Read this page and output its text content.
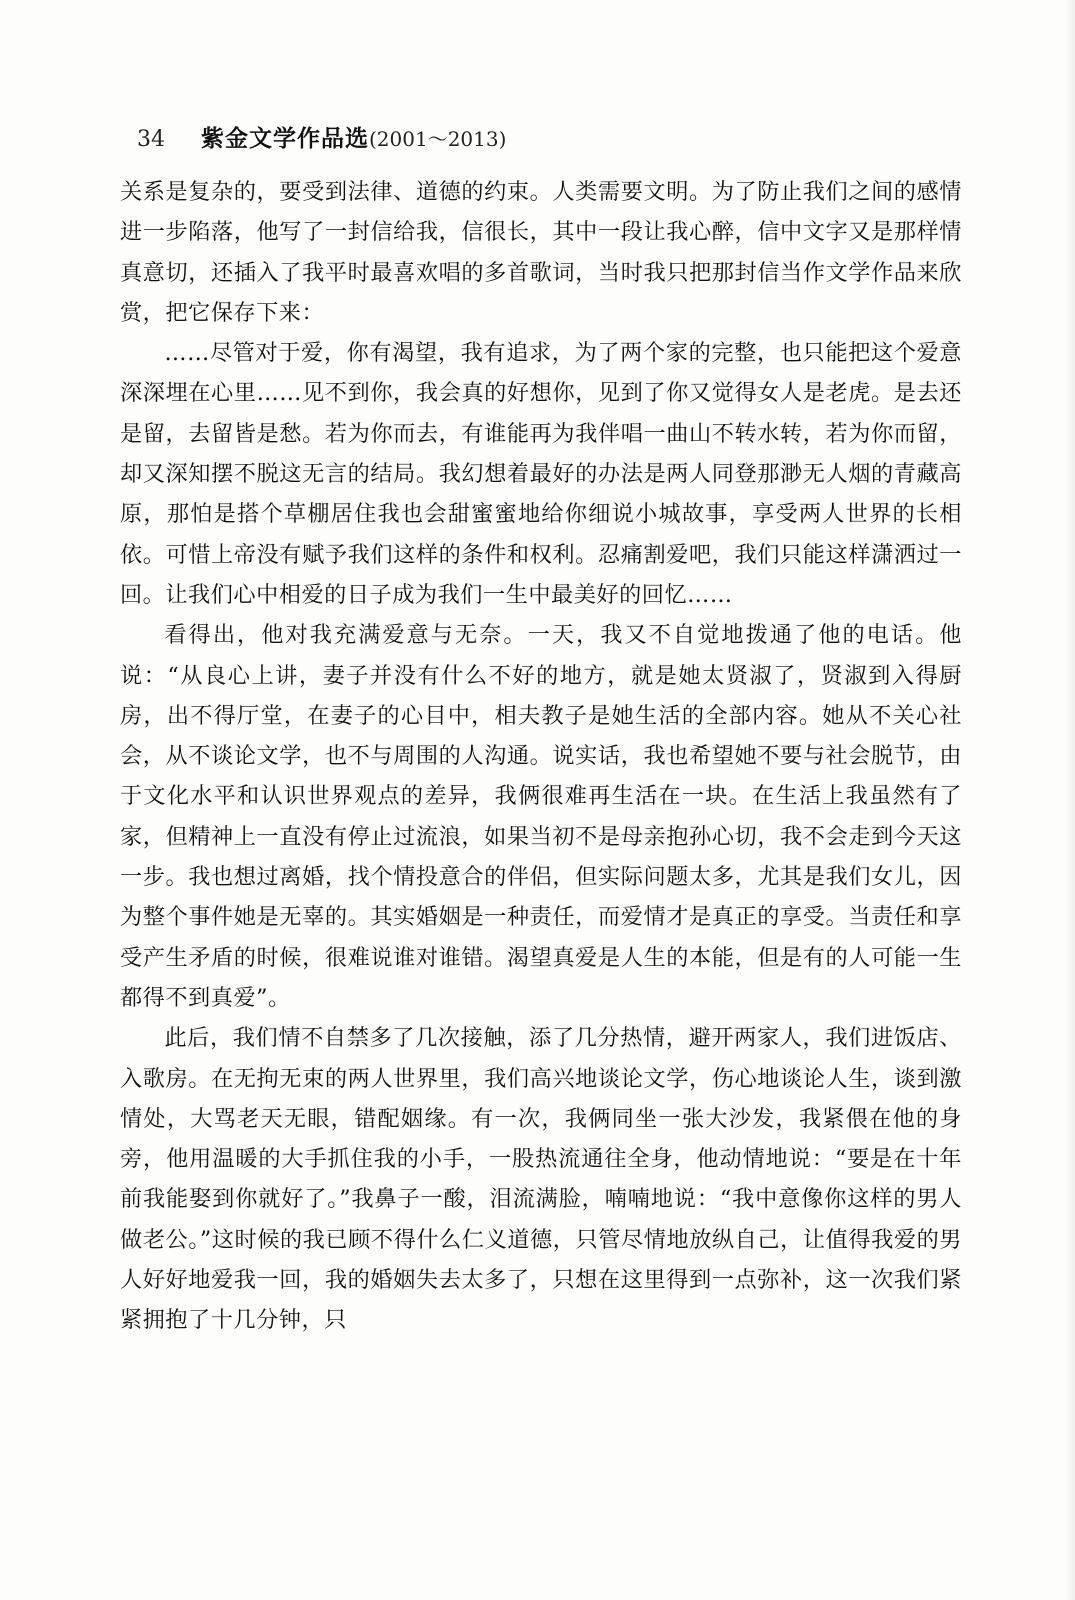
34	紫金文学作品选 (2001～2013)

关系是复杂的，要受到法律、道德的约束。人类需要文明。为了防止我们之间的感情进一步陷落，他写了一封信给我，信很长，其中一段让我心醉，信中文字又是那样情真意切，还插入了我平时最喜欢唱的多首歌词，当时我只把那封信当作文学作品来欣赏，把它保存下来：

……尽管对于爱，你有渴望，我有追求，为了两个家的完整，也只能把这个爱意深深埋在心里……见不到你，我会真的好想你，见到了你又觉得女人是老虎。是去还是留，去留皆是愁。若为你而去，有谁能再为我伴唱一曲山不转水转，若为你而留，却又深知摆不脱这无言的结局。我幻想着最好的办法是两人同登那渺无人烟的青藏高原，那怕是搭个草棚居住我也会甜蜜蜜地给你细说小城故事，享受两人世界的长相依。可惜上帝没有赋予我们这样的条件和权利。忍痛割爱吧，我们只能这样潇洒过一回。让我们心中相爱的日子成为我们一生中最美好的回忆……

看得出，他对我充满爱意与无奈。一天，我又不自觉地拨通了他的电话。他说：“从良心上讲，妻子并没有什么不好的地方，就是她太贤淑了，贤淑到入得厨房，出不得厅堂，在妻子的心目中，相夫教子是她生活的全部内容。她从不关心社会，从不谈论文学，也不与周围的人沟通。说实话，我也希望她不要与社会脱节，由于文化水平和认识世界观点的差异，我俩很难再生活在一块。在生活上我虽然有了家，但精神上一直没有停止过流浪，如果当初不是母亲抱孙心切，我不会走到今天这一步。我也想过离婚，找个情投意合的伴侣，但实际问题太多，尤其是我们女儿，因为整个事件她是无辜的。其实婚姻是一种责任，而爱情才是真正的享受。当责任和享受产生矛盾的时候，很难说谁对谁错。渴望真爱是人生的本能，但是有的人可能一生都得不到真爱”。

此后，我们情不自禁多了几次接触，添了几分热情，避开两家人，我们进饭店、入歌房。在无拘无束的两人世界里，我们高兴地谈论文学，伤心地谈论人生，谈到激情处，大骂老天无眼，错配姻缘。有一次，我俩同坐一张大沙发，我紧偎在他的身旁，他用温暖的大手抓住我的小手，一股热流通往全身，他动情地说：“要是在十年前我能娶到你就好了。”我鼻子一酸，泪流满脸，喃喃地说：“我中意像你这样的男人做老公。”这时候的我已顾不得什么仁义道德，只管尽情地放纵自己，让值得我爱的男人好好地爱我一回，我的婚姻失去太多了，只想在这里得到一点弥补，这一次我们紧紧拥抱了十几分钟，只
